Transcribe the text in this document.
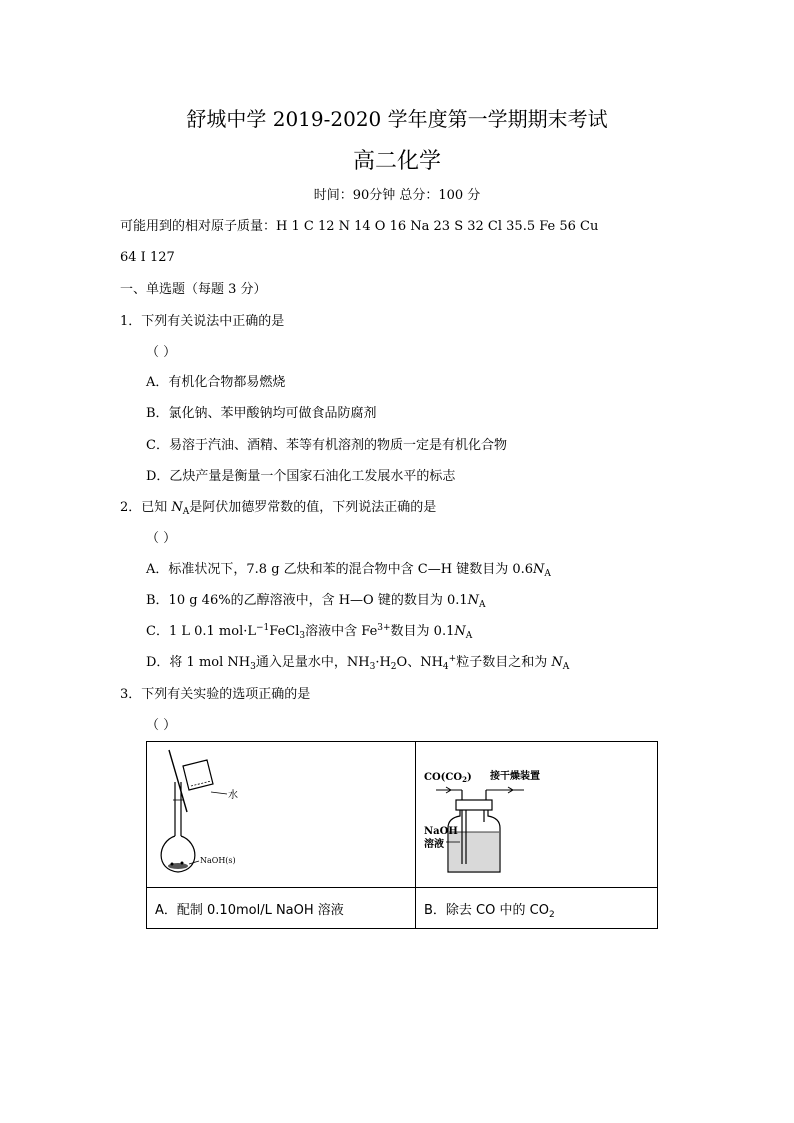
舒城中学 2019-2020 学年度第一学期期末考试
高二化学
时间：90分钟 总分：100 分
可能用到的相对原子质量：H 1 C 12 N 14 O 16 Na 23 S 32 Cl 35.5 Fe 56 Cu
64 I 127
一、单选题（每题 3 分）
1．下列有关说法中正确的是
（ ）
A．有机化合物都易燃烧
B．氯化钠、苯甲酸钠均可做食品防腐剂
C．易溶于汽油、酒精、苯等有机溶剂的物质一定是有机化合物
D．乙炔产量是衡量一个国家石油化工发展水平的标志
2．已知 $N_A$是阿伏加德罗常数的值，下列说法正确的是
（ ）
A．标准状况下，7.8 g 乙炔和苯的混合物中含 C—H 键数目为 $0.6N_A$
B．10 g 46%的乙醇溶液中，含 H—O 键的数目为 $0.1N_A$
C．1 L 0.1 $mol\cdot L^{-1}FeCl_3$溶液中含 $Fe^{3+}$数目为 $0.1N_A$
D．将 1 mol $NH_3$通入足量水中，$NH_3\cdot H_2O$、$NH_4^+$粒子数目之和为 $N_A$
3．下列有关实验的选项正确的是
（ ）
水
NaOH(s)	$CO(CO_2)$ 接干燥装置
NaOH
溶液

A．配制 0.10mol/L NaOH 溶液	B．除去 CO 中的 $CO_2$
